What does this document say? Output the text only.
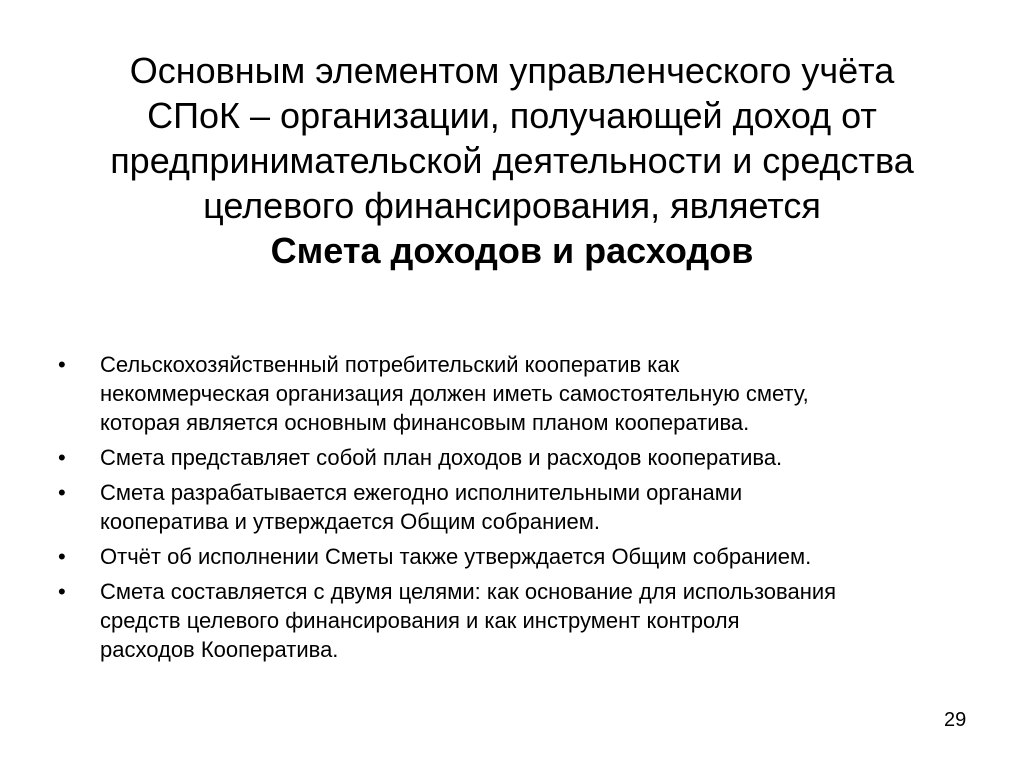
Основным элементом управленческого учёта
СПоК – организации, получающей доход от
предпринимательской деятельности и средства
целевого финансирования, является
Смета доходов и расходов
• Сельскохозяйственный потребительский кооператив как
некоммерческая организация должен иметь самостоятельную смету,
которая является основным финансовым планом кооператива.
• Смета представляет собой план доходов и расходов кооператива.
• Смета разрабатывается ежегодно исполнительными органами
кооператива и утверждается Общим собранием.
• Отчёт об исполнении Сметы также утверждается Общим собранием.
• Смета составляется с двумя целями: как основание для использования
средств целевого финансирования и как инструмент контроля
расходов Кооператива.
29
